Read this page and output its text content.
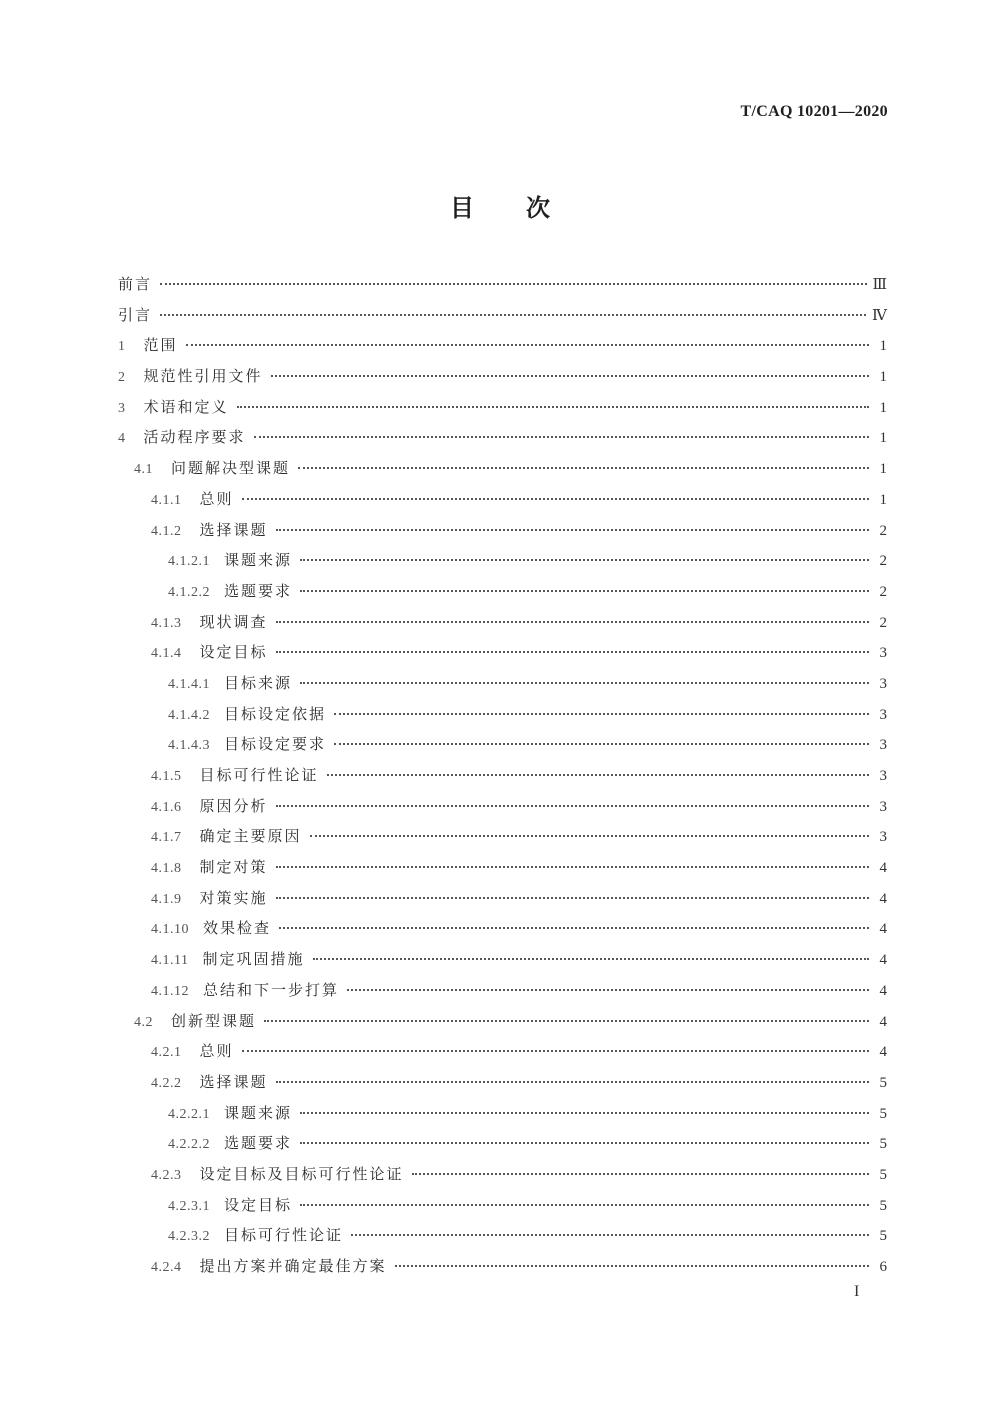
T/CAQ 10201—2020
目次
前言	Ⅲ
引言	Ⅳ
1 范围	1
2 规范性引用文件	1
3 术语和定义	1
4 活动程序要求	1
4.1 问题解决型课题	1
4.1.1 总则	1
4.1.2 选择课题	2
4.1.2.1 课题来源	2
4.1.2.2 选题要求	2
4.1.3 现状调查	2
4.1.4 设定目标	3
4.1.4.1 目标来源	3
4.1.4.2 目标设定依据	3
4.1.4.3 目标设定要求	3
4.1.5 目标可行性论证	3
4.1.6 原因分析	3
4.1.7 确定主要原因	3
4.1.8 制定对策	4
4.1.9 对策实施	4
4.1.10 效果检查	4
4.1.11 制定巩固措施	4
4.1.12 总结和下一步打算	4
4.2 创新型课题	4
4.2.1 总则	4
4.2.2 选择课题	5
4.2.2.1 课题来源	5
4.2.2.2 选题要求	5
4.2.3 设定目标及目标可行性论证	5
4.2.3.1 设定目标	5
4.2.3.2 目标可行性论证	5
4.2.4 提出方案并确定最佳方案	6
I
